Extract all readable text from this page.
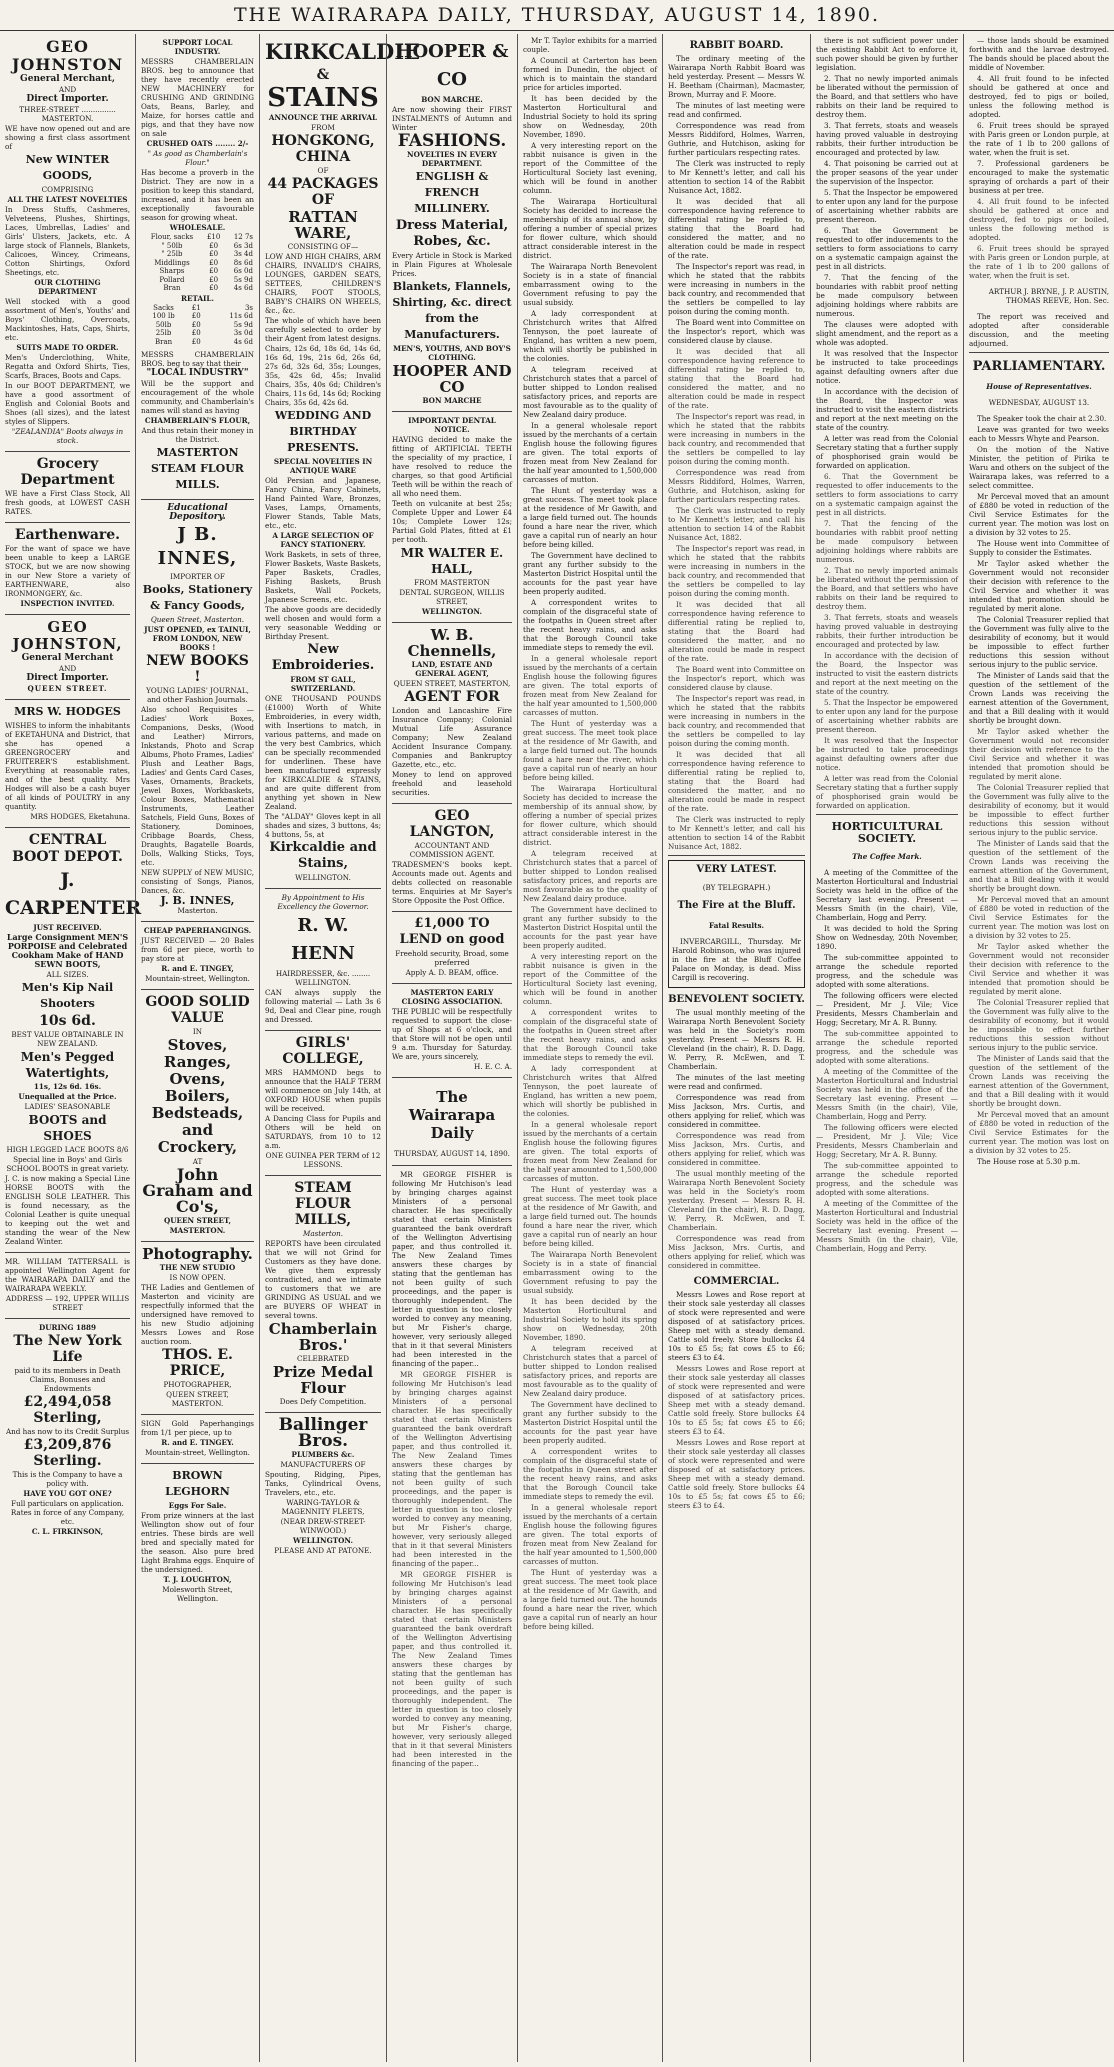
THE WAIRARAPA DAILY, THURSDAY, AUGUST 14, 1890.

GEO JOHNSTON

General Merchant,

AND

Direct Importer.

THREE-STREET ............... MASTERTON.

WE have now opened out and are showing a first class assortment of

New WINTER GOODS,

COMPRISING

ALL THE LATEST NOVELTIES

In Dress Stuffs, Cashmeres, Velveteens, Plushes, Shirtings, Laces, Umbrellas, Ladies' and Girls' Ulsters, Jackets, etc. A large stock of Flannels, Blankets, Calicoes, Wincey, Crimeans, Cotton Shirtings, Oxford Sheetings, etc.

OUR CLOTHING DEPARTMENT

Well stocked with a good assortment of Men's, Youths' and Boys' Clothing, Overcoats, Mackintoshes, Hats, Caps, Shirts, etc.

SUITS MADE TO ORDER.

Men's Underclothing, White, Regatta and Oxford Shirts, Ties, Scarfs, Braces, Boots and Caps.

In our BOOT DEPARTMENT, we have a good assortment of English and Colonial Boots and Shoes (all sizes), and the latest styles of Slippers.

"ZEALANDIA" Boots always in stock.

Grocery Department

WE have a First Class Stock, All fresh goods, at LOWEST CASH RATES.

Earthenware.

For the want of space we have been unable to keep a LARGE STOCK, but we are now showing in our New Store a variety of EARTHENWARE, also IRONMONGERY, &c.

INSPECTION INVITED.

GEO JOHNSTON,

General Merchant

AND

Direct Importer.

QUEEN STREET.

MRS W. HODGES

WISHES to inform the inhabitants of EKETAHUNA and District, that she has opened a GREENGROCERY and FRUITERER'S establishment. Everything at reasonable rates, and of the best quality. Mrs Hodges will also be a cash buyer of all kinds of POULTRY in any quantity.

MRS HODGES, Eketahuna.

CENTRAL

BOOT DEPOT.

J. CARPENTER

JUST RECEIVED.

Large Consignment MEN'S PORPOISE and Celebrated Cookham Make of HAND SEWN BOOTS,

ALL SIZES.

Men's Kip Nail Shooters

10s 6d.

BEST VALUE OBTAINABLE IN NEW ZEALAND.

Men's Pegged Watertights,

11s, 12s 6d. 16s.

Unequalled at the Price.

LADIES' SEASONABLE

BOOTS and SHOES

HIGH LEGGED LACE BOOTS 8/6

Special line in Boys' and Girls SCHOOL BOOTS in great variety.

J. C. is now making a Special Line HORSE BOOTS with the ENGLISH SOLE LEATHER. This is found necessary, as the Colonial Leather is quite unequal to keeping out the wet and standing the wear of the New Zealand Winter.

MR. WILLIAM TATTERSALL is appointed Wellington Agent for the WAIRARAPA DAILY and the WAIRARAPA WEEKLY.

ADDRESS — 192, UPPER WILLIS STREET

DURING 1889

The New York Life

paid to its members in Death Claims, Bonuses and Endowments

£2,494,058 Sterling,

And has now to its Credit Surplus

£3,209,876 Sterling.

This is the Company to have a policy with.

HAVE YOU GOT ONE?

Full particulars on application. Rates in force of any Company, etc.

C. L. FIRKINSON,

SUPPORT LOCAL INDUSTRY.

MESSRS CHAMBERLAIN BROS. beg to announce that they have recently erected NEW MACHINERY for CRUSHING AND GRINDING Oats, Beans, Barley, and Maize, for horses cattle and pigs, and that they have now on sale

CRUSHED OATS ........ 2/-

" As good as Chamberlain's Flour."

Has become a proverb in the District. They are now in a position to keep this standard, increased, and it has been an exceptionally favourable season for growing wheat.

WHOLESALE.

Flour, sacks	£10	12 7s
" 50lb	£0	6s 3d
" 25lb	£0	3s 4d
Middlings	£0	8s 6d
Sharps	£0	6s 0d
Pollard	£0	5s 9d
Bran	£0	4s 6d

RETAIL.

Sacks	£1	3s
100 lb	£0	11s 6d
50lb	£0	5s 9d
25lb	£0	3s 0d
Bran	£0	4s 6d

MESSRS CHAMBERLAIN BROS. beg to say that their

"LOCAL INDUSTRY"

Will be the support and encouragement of the whole community, and Chamberlain's names will stand as having

CHAMBERLAIN'S FLOUR,

And thus retain their money in the District.

MASTERTON STEAM FLOUR MILLS.

Educational Depository.

J B. INNES,

IMPORTER OF

Books, Stationery & Fancy Goods,

Queen Street, Masterton.

JUST OPENED, ex TAINUI, FROM LONDON, NEW BOOKS !

NEW BOOKS !

YOUNG LADIES' JOURNAL, and other Fashion Journals.

Also school Requisites — Ladies' Work Boxes, Companions, Desks, (Wood and Leather) Mirrors, Inkstands, Photo and Scrap Albums, Photo Frames, Ladies' Plush and Leather Bags, Ladies' and Gents Card Cases, Vases, Ornaments, Brackets, Jewel Boxes, Workbaskets, Colour Boxes, Mathematical Instruments, Leather Satchels, Field Guns, Boxes of Stationery, Dominoes, Cribbage Boards, Chess, Draughts, Bagatelle Boards, Dolls, Walking Sticks, Toys, etc.

NEW SUPPLY of NEW MUSIC, consisting of Songs, Pianos, Dances, &c.

J. B. INNES,

Masterton.

CHEAP PAPERHANGINGS.

JUST RECEIVED — 20 Bales from 6d per piece, worth to pay store at

R. and E. TINGEY,

Mountain-street, Wellington.

GOOD SOLID VALUE

IN

Stoves, Ranges, Ovens, Boilers, Bedsteads, and Crockery,

AT

John Graham and Co's,

QUEEN STREET,

MASTERTON.

Photography.

THE NEW STUDIO

IS NOW OPEN.

THE Ladies and Gentlemen of Masterton and vicinity are respectfully informed that the undersigned have removed to his new Studio adjoining Messrs Lowes and Rose auction room.

THOS. E. PRICE,

PHOTOGRAPHER,

QUEEN STREET, MASTERTON.

SIGN Gold Paperhangings from 1/1 per piece, up to

R. and E. TINGEY.

Mountain-street, Wellington.

BROWN LEGHORN

Eggs For Sale.

From prize winners at the last Wellington show out of four entries. These birds are well bred and specially mated for the season. Also pure bred Light Brahma eggs. Enquire of the undersigned.

T. J. LOUGHTON,

Molesworth Street, Wellington.

KIRKCALDIE

&

STAINS

ANNOUNCE THE ARRIVAL

FROM

HONGKONG, CHINA

OF

44 PACKAGES OF

RATTAN WARE,

CONSISTING OF—

LOW AND HIGH CHAIRS, ARM CHAIRS, INVALID'S CHAIRS, LOUNGES, GARDEN SEATS, SETTEES, CHILDREN'S CHAIRS, FOOT STOOLS, BABY'S CHAIRS ON WHEELS, &c., &c.

The whole of which have been carefully selected to order by their Agent from latest designs.

Chairs, 12s 6d, 18s 6d, 14s 6d, 16s 6d, 19s, 21s 6d, 26s 6d, 27s 6d, 32s 6d, 35s; Lounges, 35s, 42s 6d, 45s; Invalid Chairs, 35s, 40s 6d; Children's Chairs, 11s 6d, 14s 6d; Rocking Chairs, 35s 6d, 42s 6d.

WEDDING AND BIRTHDAY PRESENTS.

SPECIAL NOVELTIES IN ANTIQUE WARE

Old Persian and Japanese, Fancy China, Fancy Cabinets, Hand Painted Ware, Bronzes, Vases, Lamps, Ornaments, Flower Stands, Table Mats, etc., etc.

A LARGE SELECTION OF FANCY STATIONERY.

Work Baskets, in sets of three, Flower Baskets, Waste Baskets, Paper Baskets, Cradles, Fishing Baskets, Brush Baskets, Wall Pockets, Japanese Screens, etc.

The above goods are decidedly well chosen and would form a very seasonable Wedding or Birthday Present.

New Embroideries.

FROM ST GALL, SWITZERLAND.

ONE THOUSAND POUNDS (£1000) Worth of White Embroideries, in every width, with Insertions to match, in various patterns, and made on the very best Cambrics, which can be specially recommended for underlinen. These have been manufactured expressly for KIRKCALDIE & STAINS, and are quite different from anything yet shown in New Zealand.

The "ALDAY" Gloves kept in all shades and sizes, 3 buttons, 4s; 4 buttons, 5s, at

Kirkcaldie and Stains,

WELLINGTON.

By Appointment to His Excellency the Governor.

R. W. HENN

HAIRDRESSER, &c. ........ WELLINGTON.

CAN always supply the following material — Lath 3s 6 9d, Deal and Clear pine, rough and Dressed.

GIRLS' COLLEGE,

MRS HAMMOND begs to announce that the HALF TERM will commence on July 14th, at OXFORD HOUSE when pupils will be received.

A Dancing Class for Pupils and Others will be held on SATURDAYS, from 10 to 12 a.m.

ONE GUINEA PER TERM of 12 LESSONS.

STEAM FLOUR MILLS,

Masterton.

REPORTS have been circulated that we will not Grind for Customers as they have done. We give them expressly contradicted, and we intimate to customers that we are GRINDING AS USUAL and we are BUYERS OF WHEAT in several towns.

Chamberlain Bros.'

CELEBRATED

Prize Medal Flour

Does Defy Competition.

Ballinger Bros.

PLUMBERS &c.

MANUFACTURERS OF

Spouting, Ridging, Pipes, Tanks, Cylindrical Ovens, Travelers, etc., etc.

WARING-TAYLOR & MAGENNITY FLEETS,

(NEAR DREW-STREET-WINWOOD.)

WELLINGTON.

PLEASE AND AT PATONE.

HOOPER & CO

BON MARCHE.

Are now showing their FIRST INSTALMENTS of Autumn and Winter

FASHIONS.

NOVELTIES IN EVERY DEPARTMENT.

ENGLISH & FRENCH MILLINERY.

Dress Material, Robes, &c.

Every Article in Stock is Marked in Plain Figures at Wholesale Prices.

Blankets, Flannels, Shirting, &c. direct from the Manufacturers.

MEN'S, YOUTHS, AND BOY'S CLOTHING.

HOOPER AND CO

BON MARCHE

IMPORTANT DENTAL NOTICE.

HAVING decided to make the fitting of ARTIFICIAL TEETH the speciality of my practice, I have resolved to reduce the charges, so that good Artificial Teeth will be within the reach of all who need them.

Teeth on vulcanite at best 25s; Complete Upper and Lower £4 10s; Complete Lower 12s; Partial Gold Plates, fitted at £1 per tooth.

MR WALTER E. HALL,

FROM MASTERTON

DENTAL SURGEON, WILLIS STREET,

WELLINGTON.

W. B. Chennells,

LAND, ESTATE AND GENERAL AGENT,

QUEEN STREET, MASTERTON,

AGENT FOR

London and Lancashire Fire Insurance Company; Colonial Mutual Life Assurance Company; New Zealand Accident Insurance Company. Companies and Bankruptcy Gazette, etc., etc.

Money to lend on approved freehold and leasehold securities.

GEO LANGTON,

ACCOUNTANT AND COMMISSION AGENT.

TRADESMEN'S books kept. Accounts made out. Agents and debts collected on reasonable terms. Enquiries at Mr Sayer's Store Opposite the Post Office.

£1,000 TO LEND on good

Freehold security, Broad, some preferred

Apply A. D. BEAM, office.

MASTERTON EARLY CLOSING ASSOCIATION.

THE PUBLIC will be respectfully requested to support the close-up of Shops at 6 o'clock, and that Store will not be open until 9 a.m. Thursday for Saturday. We are, yours sincerely,

H. E. C. A.

The Wairarapa Daily

THURSDAY, AUGUST 14, 1890.

MR GEORGE FISHER is following Mr Hutchison's lead by bringing charges against Ministers of a personal character. He has specifically stated that certain Ministers guaranteed the bank overdraft of the Wellington Advertising paper, and thus controlled it. The New Zealand Times answers these charges by stating that the gentleman has not been guilty of such proceedings, and the paper is thoroughly independent. The letter in question is too closely worded to convey any meaning, but Mr Fisher's charge, however, very seriously alleged that in it that several Ministers had been interested in the financing of the paper...

MR GEORGE FISHER is following Mr Hutchison's lead by bringing charges against Ministers of a personal character. He has specifically stated that certain Ministers guaranteed the bank overdraft of the Wellington Advertising paper, and thus controlled it. The New Zealand Times answers these charges by stating that the gentleman has not been guilty of such proceedings, and the paper is thoroughly independent. The letter in question is too closely worded to convey any meaning, but Mr Fisher's charge, however, very seriously alleged that in it that several Ministers had been interested in the financing of the paper...

MR GEORGE FISHER is following Mr Hutchison's lead by bringing charges against Ministers of a personal character. He has specifically stated that certain Ministers guaranteed the bank overdraft of the Wellington Advertising paper, and thus controlled it. The New Zealand Times answers these charges by stating that the gentleman has not been guilty of such proceedings, and the paper is thoroughly independent. The letter in question is too closely worded to convey any meaning, but Mr Fisher's charge, however, very seriously alleged that in it that several Ministers had been interested in the financing of the paper...

Mr T. Taylor exhibits for a married couple.

A Council at Carterton has been formed in Dunedin, the object of which is to maintain the standard price for articles imported.

It has been decided by the Masterton Horticultural and Industrial Society to hold its spring show on Wednesday, 20th November, 1890.

A very interesting report on the rabbit nuisance is given in the report of the Committee of the Horticultural Society last evening, which will be found in another column.

The Wairarapa Horticultural Society has decided to increase the membership of its annual show, by offering a number of special prizes for flower culture, which should attract considerable interest in the district.

The Wairarapa North Benevolent Society is in a state of financial embarrassment owing to the Government refusing to pay the usual subsidy.

A lady correspondent at Christchurch writes that Alfred Tennyson, the poet laureate of England, has written a new poem, which will shortly be published in the colonies.

A telegram received at Christchurch states that a parcel of butter shipped to London realised satisfactory prices, and reports are most favourable as to the quality of New Zealand dairy produce.

In a general wholesale report issued by the merchants of a certain English house the following figures are given. The total exports of frozen meat from New Zealand for the half year amounted to 1,500,000 carcasses of mutton.

The Hunt of yesterday was a great success. The meet took place at the residence of Mr Gawith, and a large field turned out. The hounds found a hare near the river, which gave a capital run of nearly an hour before being killed.

The Government have declined to grant any further subsidy to the Masterton District Hospital until the accounts for the past year have been properly audited.

A correspondent writes to complain of the disgraceful state of the footpaths in Queen street after the recent heavy rains, and asks that the Borough Council take immediate steps to remedy the evil.

In a general wholesale report issued by the merchants of a certain English house the following figures are given. The total exports of frozen meat from New Zealand for the half year amounted to 1,500,000 carcasses of mutton.

The Hunt of yesterday was a great success. The meet took place at the residence of Mr Gawith, and a large field turned out. The hounds found a hare near the river, which gave a capital run of nearly an hour before being killed.

The Wairarapa Horticultural Society has decided to increase the membership of its annual show, by offering a number of special prizes for flower culture, which should attract considerable interest in the district.

A telegram received at Christchurch states that a parcel of butter shipped to London realised satisfactory prices, and reports are most favourable as to the quality of New Zealand dairy produce.

The Government have declined to grant any further subsidy to the Masterton District Hospital until the accounts for the past year have been properly audited.

A very interesting report on the rabbit nuisance is given in the report of the Committee of the Horticultural Society last evening, which will be found in another column.

A correspondent writes to complain of the disgraceful state of the footpaths in Queen street after the recent heavy rains, and asks that the Borough Council take immediate steps to remedy the evil.

A lady correspondent at Christchurch writes that Alfred Tennyson, the poet laureate of England, has written a new poem, which will shortly be published in the colonies.

In a general wholesale report issued by the merchants of a certain English house the following figures are given. The total exports of frozen meat from New Zealand for the half year amounted to 1,500,000 carcasses of mutton.

The Hunt of yesterday was a great success. The meet took place at the residence of Mr Gawith, and a large field turned out. The hounds found a hare near the river, which gave a capital run of nearly an hour before being killed.

The Wairarapa North Benevolent Society is in a state of financial embarrassment owing to the Government refusing to pay the usual subsidy.

It has been decided by the Masterton Horticultural and Industrial Society to hold its spring show on Wednesday, 20th November, 1890.

A telegram received at Christchurch states that a parcel of butter shipped to London realised satisfactory prices, and reports are most favourable as to the quality of New Zealand dairy produce.

The Government have declined to grant any further subsidy to the Masterton District Hospital until the accounts for the past year have been properly audited.

A correspondent writes to complain of the disgraceful state of the footpaths in Queen street after the recent heavy rains, and asks that the Borough Council take immediate steps to remedy the evil.

In a general wholesale report issued by the merchants of a certain English house the following figures are given. The total exports of frozen meat from New Zealand for the half year amounted to 1,500,000 carcasses of mutton.

The Hunt of yesterday was a great success. The meet took place at the residence of Mr Gawith, and a large field turned out. The hounds found a hare near the river, which gave a capital run of nearly an hour before being killed.

RABBIT BOARD.

The ordinary meeting of the Wairarapa North Rabbit Board was held yesterday. Present — Messrs W. H. Beetham (Chairman), Macmaster, Brown, Murray and F. Moore.

The minutes of last meeting were read and confirmed.

Correspondence was read from Messrs Riddiford, Holmes, Warren, Guthrie, and Hutchison, asking for further particulars respecting rates.

The Clerk was instructed to reply to Mr Kennett's letter, and call his attention to section 14 of the Rabbit Nuisance Act, 1882.

It was decided that all correspondence having reference to differential rating be replied to, stating that the Board had considered the matter, and no alteration could be made in respect of the rate.

The Inspector's report was read, in which he stated that the rabbits were increasing in numbers in the back country, and recommended that the settlers be compelled to lay poison during the coming month.

The Board went into Committee on the Inspector's report, which was considered clause by clause.

It was decided that all correspondence having reference to differential rating be replied to, stating that the Board had considered the matter, and no alteration could be made in respect of the rate.

The Inspector's report was read, in which he stated that the rabbits were increasing in numbers in the back country, and recommended that the settlers be compelled to lay poison during the coming month.

Correspondence was read from Messrs Riddiford, Holmes, Warren, Guthrie, and Hutchison, asking for further particulars respecting rates.

The Clerk was instructed to reply to Mr Kennett's letter, and call his attention to section 14 of the Rabbit Nuisance Act, 1882.

The Inspector's report was read, in which he stated that the rabbits were increasing in numbers in the back country, and recommended that the settlers be compelled to lay poison during the coming month.

It was decided that all correspondence having reference to differential rating be replied to, stating that the Board had considered the matter, and no alteration could be made in respect of the rate.

The Board went into Committee on the Inspector's report, which was considered clause by clause.

The Inspector's report was read, in which he stated that the rabbits were increasing in numbers in the back country, and recommended that the settlers be compelled to lay poison during the coming month.

It was decided that all correspondence having reference to differential rating be replied to, stating that the Board had considered the matter, and no alteration could be made in respect of the rate.

The Clerk was instructed to reply to Mr Kennett's letter, and call his attention to section 14 of the Rabbit Nuisance Act, 1882.

VERY LATEST.

(BY TELEGRAPH.)

The Fire at the Bluff.

Fatal Results.

INVERCARGILL, Thursday. Mr Harold Robinson, who was injured in the fire at the Bluff Coffee Palace on Monday, is dead. Miss Cargill is recovering.

BENEVOLENT SOCIETY.

The usual monthly meeting of the Wairarapa North Benevolent Society was held in the Society's room yesterday. Present — Messrs R. H. Cleveland (in the chair), R. D. Dagg, W. Perry, R. McEwen, and T. Chamberlain.

The minutes of the last meeting were read and confirmed.

Correspondence was read from Miss Jackson, Mrs. Curtis, and others applying for relief, which was considered in committee.

Correspondence was read from Miss Jackson, Mrs. Curtis, and others applying for relief, which was considered in committee.

The usual monthly meeting of the Wairarapa North Benevolent Society was held in the Society's room yesterday. Present — Messrs R. H. Cleveland (in the chair), R. D. Dagg, W. Perry, R. McEwen, and T. Chamberlain.

Correspondence was read from Miss Jackson, Mrs. Curtis, and others applying for relief, which was considered in committee.

COMMERCIAL.

Messrs Lowes and Rose report at their stock sale yesterday all classes of stock were represented and were disposed of at satisfactory prices. Sheep met with a steady demand. Cattle sold freely. Store bullocks £4 10s to £5 5s; fat cows £5 to £6; steers £3 to £4.

Messrs Lowes and Rose report at their stock sale yesterday all classes of stock were represented and were disposed of at satisfactory prices. Sheep met with a steady demand. Cattle sold freely. Store bullocks £4 10s to £5 5s; fat cows £5 to £6; steers £3 to £4.

Messrs Lowes and Rose report at their stock sale yesterday all classes of stock were represented and were disposed of at satisfactory prices. Sheep met with a steady demand. Cattle sold freely. Store bullocks £4 10s to £5 5s; fat cows £5 to £6; steers £3 to £4.

there is not sufficient power under the existing Rabbit Act to enforce it, such power should be given by further legislation.

2. That no newly imported animals be liberated without the permission of the Board, and that settlers who have rabbits on their land be required to destroy them.

3. That ferrets, stoats and weasels having proved valuable in destroying rabbits, their further introduction be encouraged and protected by law.

4. That poisoning be carried out at the proper seasons of the year under the supervision of the Inspector.

5. That the Inspector be empowered to enter upon any land for the purpose of ascertaining whether rabbits are present thereon.

6. That the Government be requested to offer inducements to the settlers to form associations to carry on a systematic campaign against the pest in all districts.

7. That the fencing of the boundaries with rabbit proof netting be made compulsory between adjoining holdings where rabbits are numerous.

The clauses were adopted with slight amendment, and the report as a whole was adopted.

It was resolved that the Inspector be instructed to take proceedings against defaulting owners after due notice.

In accordance with the decision of the Board, the Inspector was instructed to visit the eastern districts and report at the next meeting on the state of the country.

A letter was read from the Colonial Secretary stating that a further supply of phosphorised grain would be forwarded on application.

6. That the Government be requested to offer inducements to the settlers to form associations to carry on a systematic campaign against the pest in all districts.

7. That the fencing of the boundaries with rabbit proof netting be made compulsory between adjoining holdings where rabbits are numerous.

2. That no newly imported animals be liberated without the permission of the Board, and that settlers who have rabbits on their land be required to destroy them.

3. That ferrets, stoats and weasels having proved valuable in destroying rabbits, their further introduction be encouraged and protected by law.

In accordance with the decision of the Board, the Inspector was instructed to visit the eastern districts and report at the next meeting on the state of the country.

5. That the Inspector be empowered to enter upon any land for the purpose of ascertaining whether rabbits are present thereon.

It was resolved that the Inspector be instructed to take proceedings against defaulting owners after due notice.

A letter was read from the Colonial Secretary stating that a further supply of phosphorised grain would be forwarded on application.

HORTICULTURAL SOCIETY.

The Coffee Mark.

A meeting of the Committee of the Masterton Horticultural and Industrial Society was held in the office of the Secretary last evening. Present — Messrs Smith (in the chair), Vile, Chamberlain, Hogg and Perry.

It was decided to hold the Spring Show on Wednesday, 20th November, 1890.

The sub-committee appointed to arrange the schedule reported progress, and the schedule was adopted with some alterations.

The following officers were elected — President, Mr J. Vile; Vice Presidents, Messrs Chamberlain and Hogg; Secretary, Mr A. R. Bunny.

The sub-committee appointed to arrange the schedule reported progress, and the schedule was adopted with some alterations.

A meeting of the Committee of the Masterton Horticultural and Industrial Society was held in the office of the Secretary last evening. Present — Messrs Smith (in the chair), Vile, Chamberlain, Hogg and Perry.

The following officers were elected — President, Mr J. Vile; Vice Presidents, Messrs Chamberlain and Hogg; Secretary, Mr A. R. Bunny.

The sub-committee appointed to arrange the schedule reported progress, and the schedule was adopted with some alterations.

A meeting of the Committee of the Masterton Horticultural and Industrial Society was held in the office of the Secretary last evening. Present — Messrs Smith (in the chair), Vile, Chamberlain, Hogg and Perry.

— those lands should be examined forthwith and the larvae destroyed. The bands should be placed about the middle of November.

4. All fruit found to be infected should be gathered at once and destroyed, fed to pigs or boiled, unless the following method is adopted.

6. Fruit trees should be sprayed with Paris green or London purple, at the rate of 1 lb to 200 gallons of water, when the fruit is set.

7. Professional gardeners be encouraged to make the systematic spraying of orchards a part of their business at per tree.

4. All fruit found to be infected should be gathered at once and destroyed, fed to pigs or boiled, unless the following method is adopted.

6. Fruit trees should be sprayed with Paris green or London purple, at the rate of 1 lb to 200 gallons of water, when the fruit is set.

ARTHUR J. BRYNE, J. P. AUSTIN, THOMAS REEVE, Hon. Sec.

The report was received and adopted after considerable discussion, and the meeting adjourned.

PARLIAMENTARY.

House of Representatives.

WEDNESDAY, AUGUST 13.

The Speaker took the chair at 2.30.

Leave was granted for two weeks each to Messrs Whyte and Pearson.

On the motion of the Native Minister, the petition of Pirika te Waru and others on the subject of the Wairarapa lakes, was referred to a select committee.

Mr Perceval moved that an amount of £880 be voted in reduction of the Civil Service Estimates for the current year. The motion was lost on a division by 32 votes to 25.

The House went into Committee of Supply to consider the Estimates.

Mr Taylor asked whether the Government would not reconsider their decision with reference to the Civil Service and whether it was intended that promotion should be regulated by merit alone.

The Colonial Treasurer replied that the Government was fully alive to the desirability of economy, but it would be impossible to effect further reductions this session without serious injury to the public service.

The Minister of Lands said that the question of the settlement of the Crown Lands was receiving the earnest attention of the Government, and that a Bill dealing with it would shortly be brought down.

Mr Taylor asked whether the Government would not reconsider their decision with reference to the Civil Service and whether it was intended that promotion should be regulated by merit alone.

The Colonial Treasurer replied that the Government was fully alive to the desirability of economy, but it would be impossible to effect further reductions this session without serious injury to the public service.

The Minister of Lands said that the question of the settlement of the Crown Lands was receiving the earnest attention of the Government, and that a Bill dealing with it would shortly be brought down.

Mr Perceval moved that an amount of £880 be voted in reduction of the Civil Service Estimates for the current year. The motion was lost on a division by 32 votes to 25.

Mr Taylor asked whether the Government would not reconsider their decision with reference to the Civil Service and whether it was intended that promotion should be regulated by merit alone.

The Colonial Treasurer replied that the Government was fully alive to the desirability of economy, but it would be impossible to effect further reductions this session without serious injury to the public service.

The Minister of Lands said that the question of the settlement of the Crown Lands was receiving the earnest attention of the Government, and that a Bill dealing with it would shortly be brought down.

Mr Perceval moved that an amount of £880 be voted in reduction of the Civil Service Estimates for the current year. The motion was lost on a division by 32 votes to 25.

The House rose at 5.30 p.m.
